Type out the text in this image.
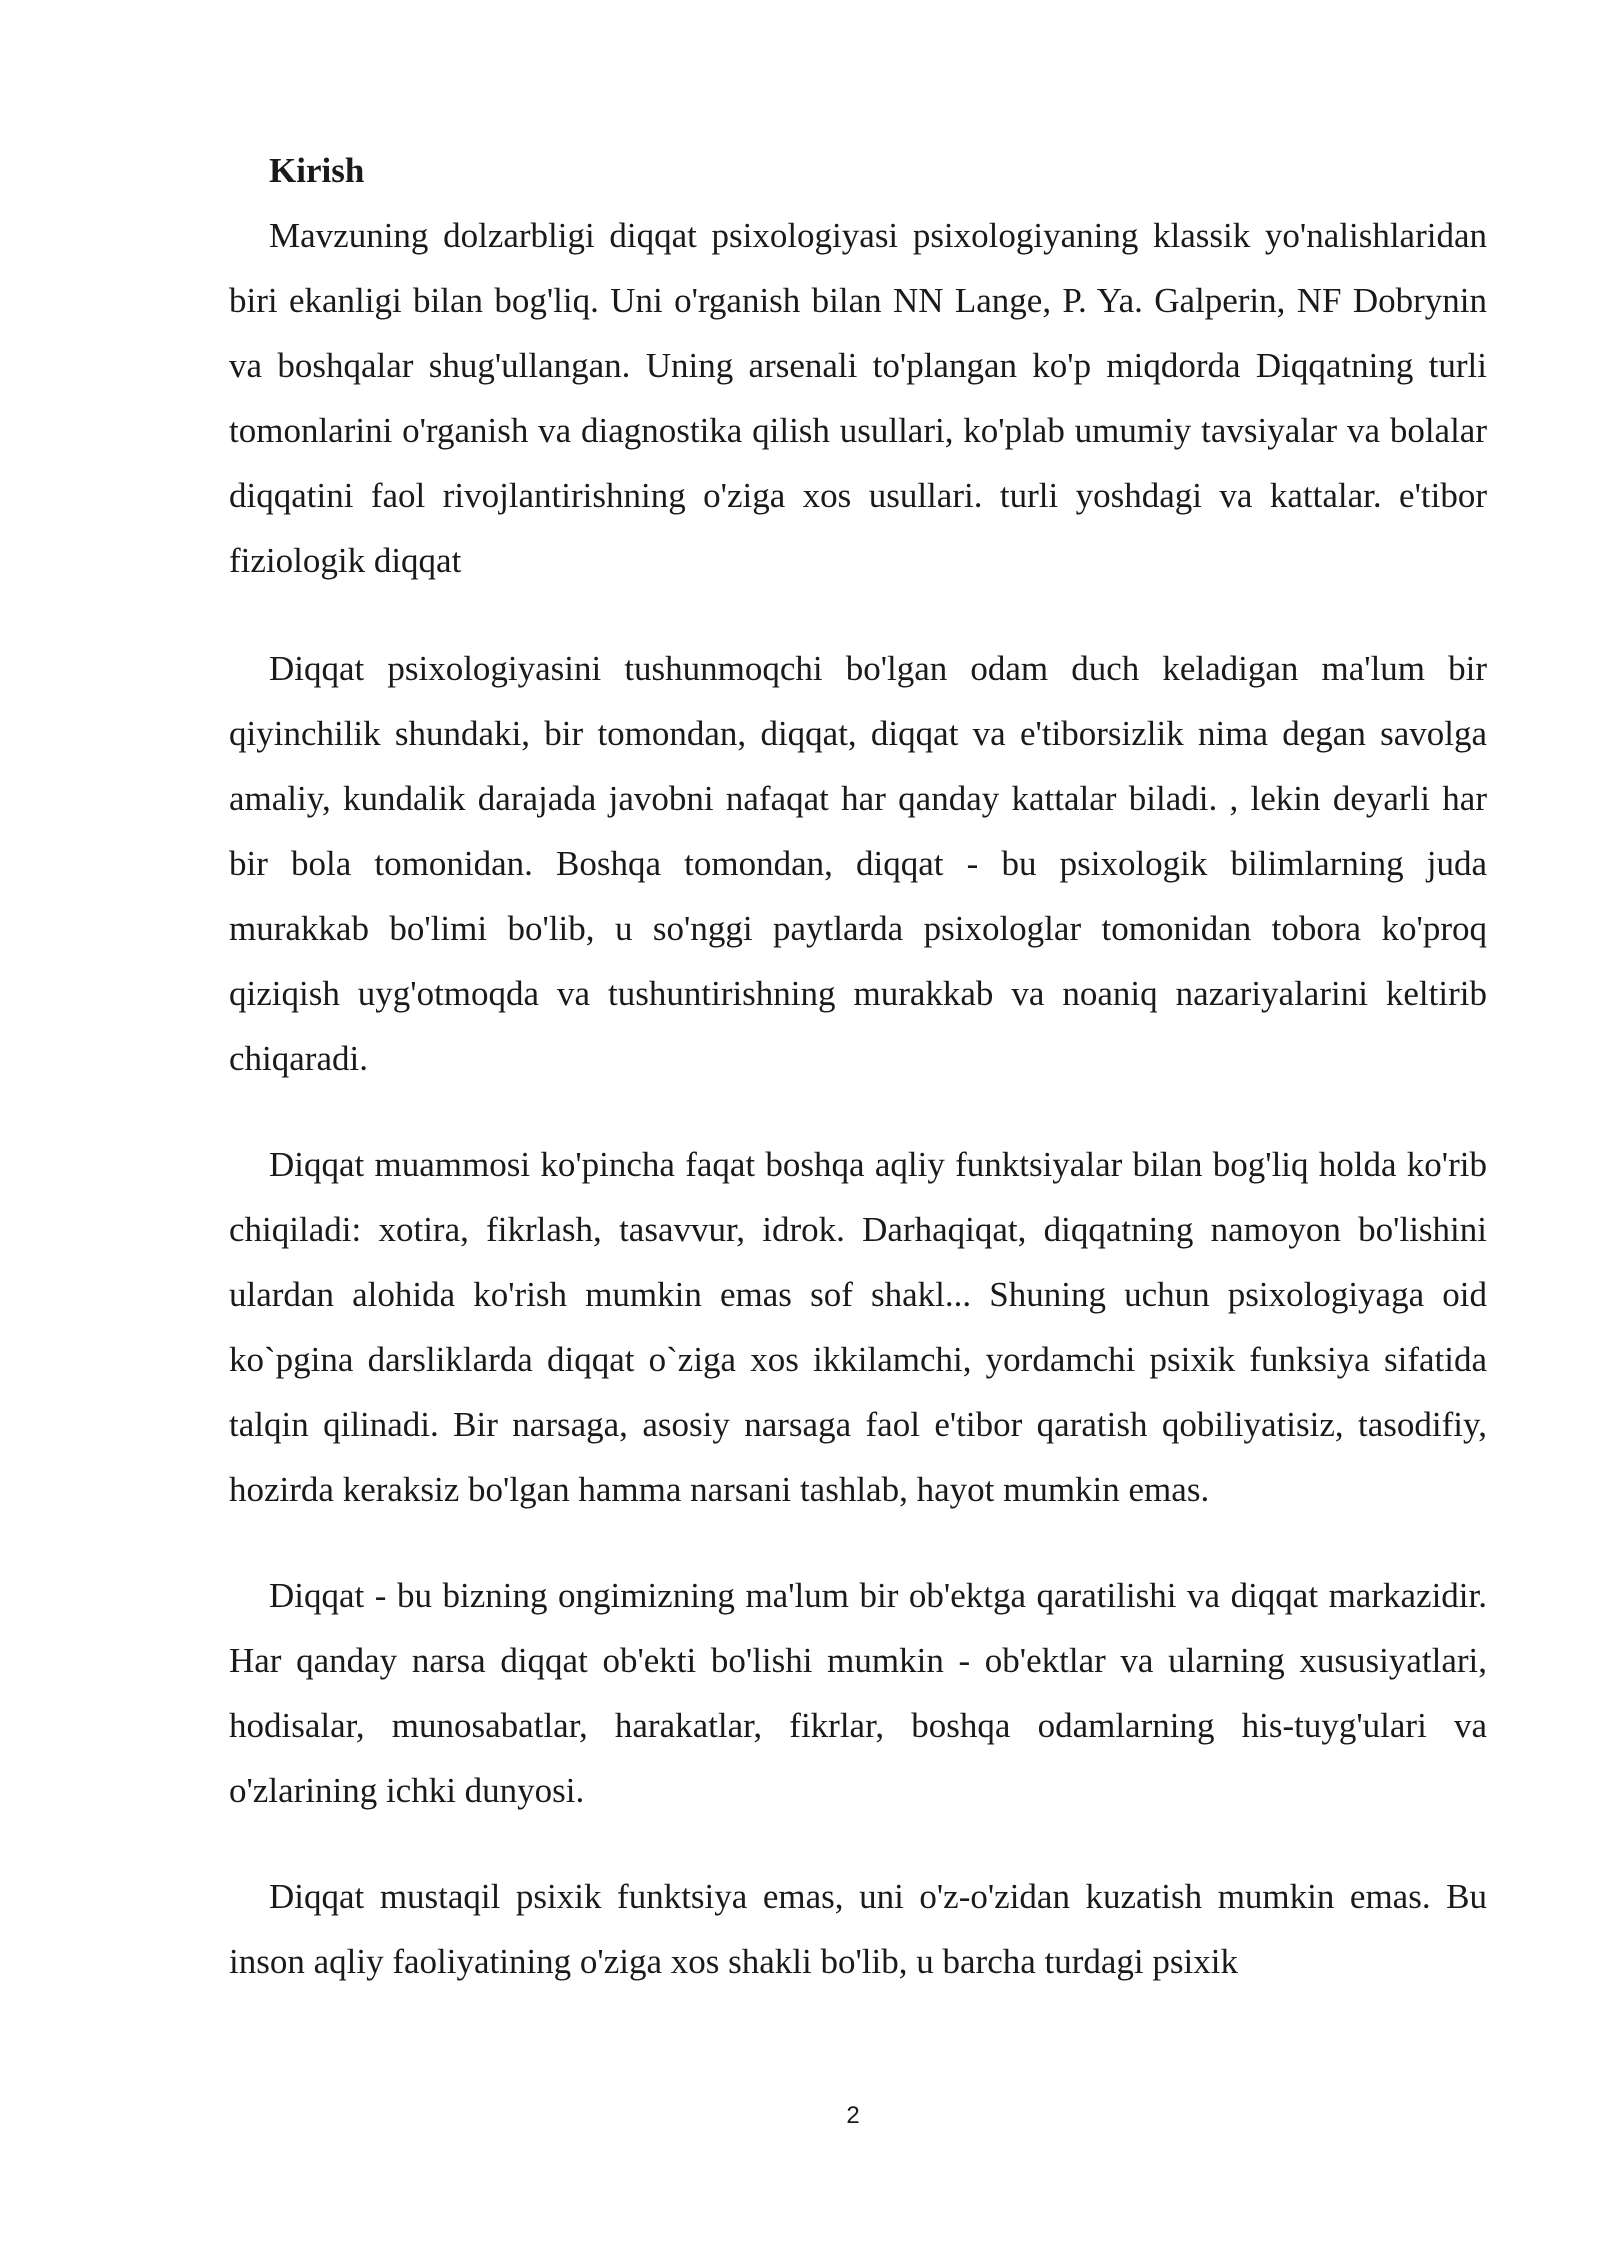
Kirish

Mavzuning dolzarbligi diqqat psixologiyasi psixologiyaning klassik yo'nalishlaridan biri ekanligi bilan bog'liq. Uni o'rganish bilan NN Lange, P. Ya. Galperin, NF Dobrynin va boshqalar shug'ullangan. Uning arsenali to'plangan ko'p miqdorda Diqqatning turli tomonlarini o'rganish va diagnostika qilish usullari, ko'plab umumiy tavsiyalar va bolalar diqqatini faol rivojlantirishning o'ziga xos usullari. turli yoshdagi va kattalar. e'tibor fiziologik diqqat

Diqqat psixologiyasini tushunmoqchi bo'lgan odam duch keladigan ma'lum bir qiyinchilik shundaki, bir tomondan, diqqat, diqqat va e'tiborsizlik nima degan savolga amaliy, kundalik darajada javobni nafaqat har qanday kattalar biladi. , lekin deyarli har bir bola tomonidan. Boshqa tomondan, diqqat - bu psixologik bilimlarning juda murakkab bo'limi bo'lib, u so'nggi paytlarda psixologlar tomonidan tobora ko'proq qiziqish uyg'otmoqda va tushuntirishning murakkab va noaniq nazariyalarini keltirib chiqaradi.

Diqqat muammosi ko'pincha faqat boshqa aqliy funktsiyalar bilan bog'liq holda ko'rib chiqiladi: xotira, fikrlash, tasavvur, idrok. Darhaqiqat, diqqatning namoyon bo'lishini ulardan alohida ko'rish mumkin emas sof shakl... Shuning uchun psixologiyaga oid ko`pgina darsliklarda diqqat o`ziga xos ikkilamchi, yordamchi psixik funksiya sifatida talqin qilinadi. Bir narsaga, asosiy narsaga faol e'tibor qaratish qobiliyatisiz, tasodifiy, hozirda keraksiz bo'lgan hamma narsani tashlab, hayot mumkin emas.

Diqqat - bu bizning ongimizning ma'lum bir ob'ektga qaratilishi va diqqat markazidir. Har qanday narsa diqqat ob'ekti bo'lishi mumkin - ob'ektlar va ularning xususiyatlari, hodisalar, munosabatlar, harakatlar, fikrlar, boshqa odamlarning his-tuyg'ulari va o'zlarining ichki dunyosi.

Diqqat mustaqil psixik funktsiya emas, uni o'z-o'zidan kuzatish mumkin emas. Bu inson aqliy faoliyatining o'ziga xos shakli bo'lib, u barcha turdagi psixik

2
